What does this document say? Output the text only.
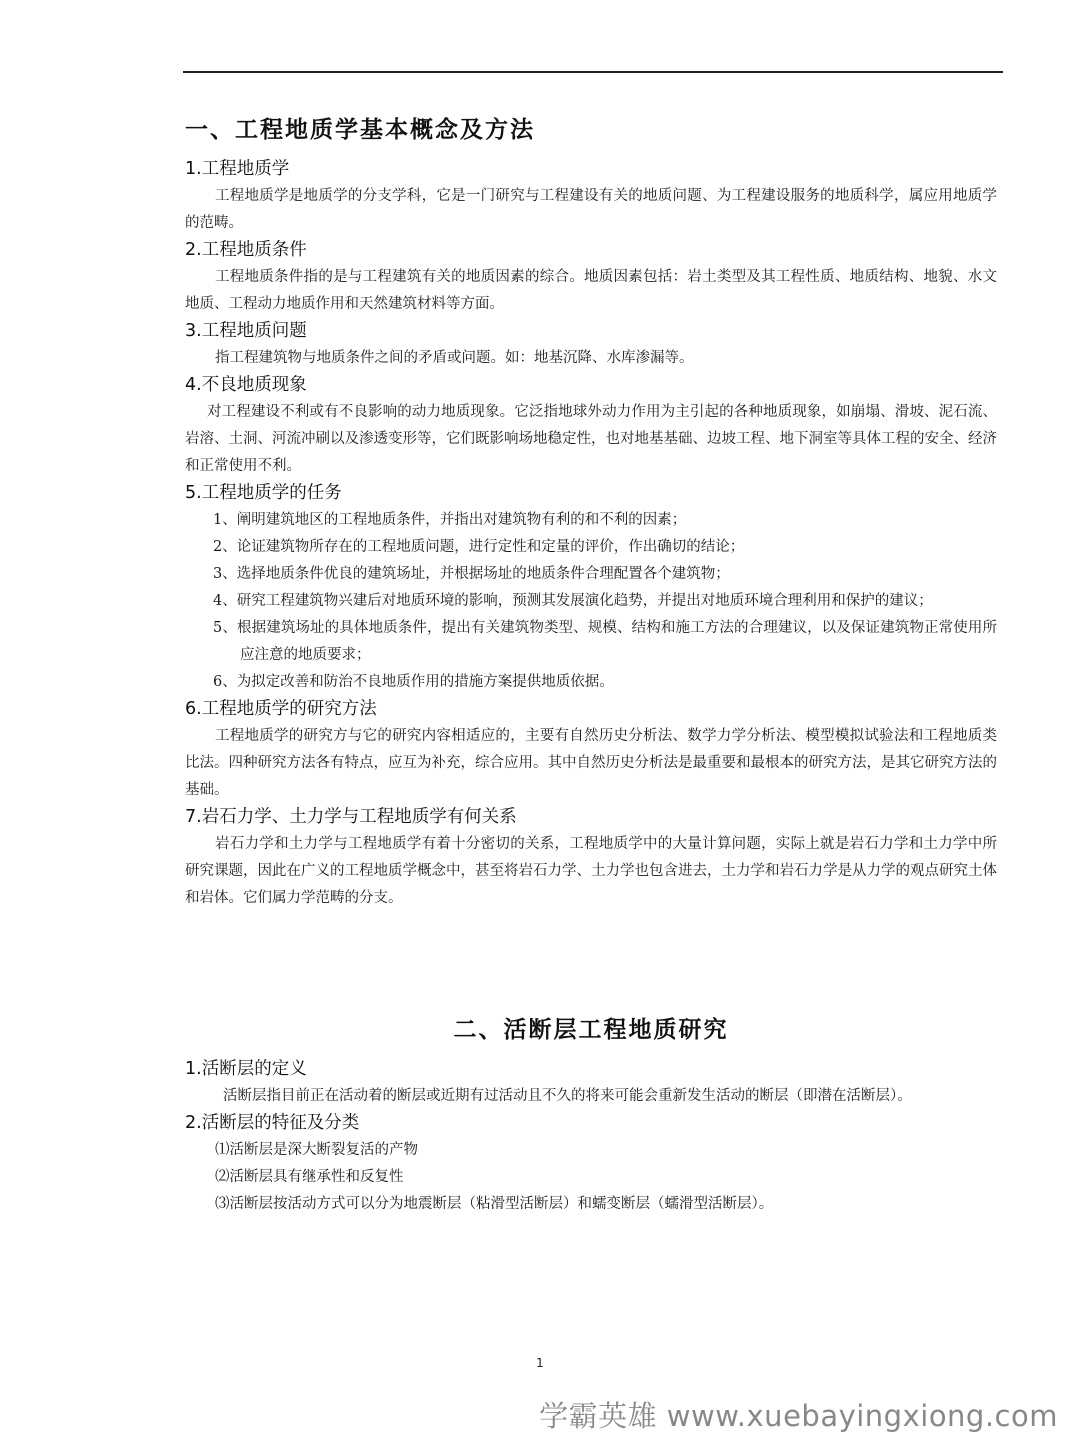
一、工程地质学基本概念及方法
1.工程地质学

工程地质学是地质学的分支学科，它是一门研究与工程建设有关的地质问题、为工程建设服务的地质科学，属应用地质学的范畴。

2.工程地质条件

工程地质条件指的是与工程建筑有关的地质因素的综合。地质因素包括：岩土类型及其工程性质、地质结构、地貌、水文地质、工程动力地质作用和天然建筑材料等方面。

3.工程地质问题

指工程建筑物与地质条件之间的矛盾或问题。如：地基沉降、水库渗漏等。

4.不良地质现象

对工程建设不利或有不良影响的动力地质现象。它泛指地球外动力作用为主引起的各种地质现象，如崩塌、滑坡、泥石流、岩溶、土洞、河流冲刷以及渗透变形等，它们既影响场地稳定性，也对地基基础、边坡工程、地下洞室等具体工程的安全、经济和正常使用不利。

5.工程地质学的任务
1、阐明建筑地区的工程地质条件，并指出对建筑物有利的和不利的因素；
2、论证建筑物所存在的工程地质问题，进行定性和定量的评价，作出确切的结论；
3、选择地质条件优良的建筑场址，并根据场址的地质条件合理配置各个建筑物；
4、研究工程建筑物兴建后对地质环境的影响，预测其发展演化趋势，并提出对地质环境合理利用和保护的建议；
5、根据建筑场址的具体地质条件，提出有关建筑物类型、规模、结构和施工方法的合理建议，以及保证建筑物正常使用所应注意的地质要求；
6、为拟定改善和防治不良地质作用的措施方案提供地质依据。
6.工程地质学的研究方法

工程地质学的研究方与它的研究内容相适应的，主要有自然历史分析法、数学力学分析法、模型模拟试验法和工程地质类比法。四种研究方法各有特点，应互为补充，综合应用。其中自然历史分析法是最重要和最根本的研究方法，是其它研究方法的基础。

7.岩石力学、土力学与工程地质学有何关系

岩石力学和土力学与工程地质学有着十分密切的关系，工程地质学中的大量计算问题，实际上就是岩石力学和土力学中所研究课题，因此在广义的工程地质学概念中，甚至将岩石力学、土力学也包含进去，土力学和岩石力学是从力学的观点研究土体和岩体。它们属力学范畴的分支。

二、活断层工程地质研究
1.活断层的定义

活断层指目前正在活动着的断层或近期有过活动且不久的将来可能会重新发生活动的断层（即潜在活断层）。

2.活断层的特征及分类
⑴活断层是深大断裂复活的产物
⑵活断层具有继承性和反复性
⑶活断层按活动方式可以分为地震断层（粘滑型活断层）和蠕变断层（蠕滑型活断层）。
1
学霸英雄 www.xuebayingxiong.com
